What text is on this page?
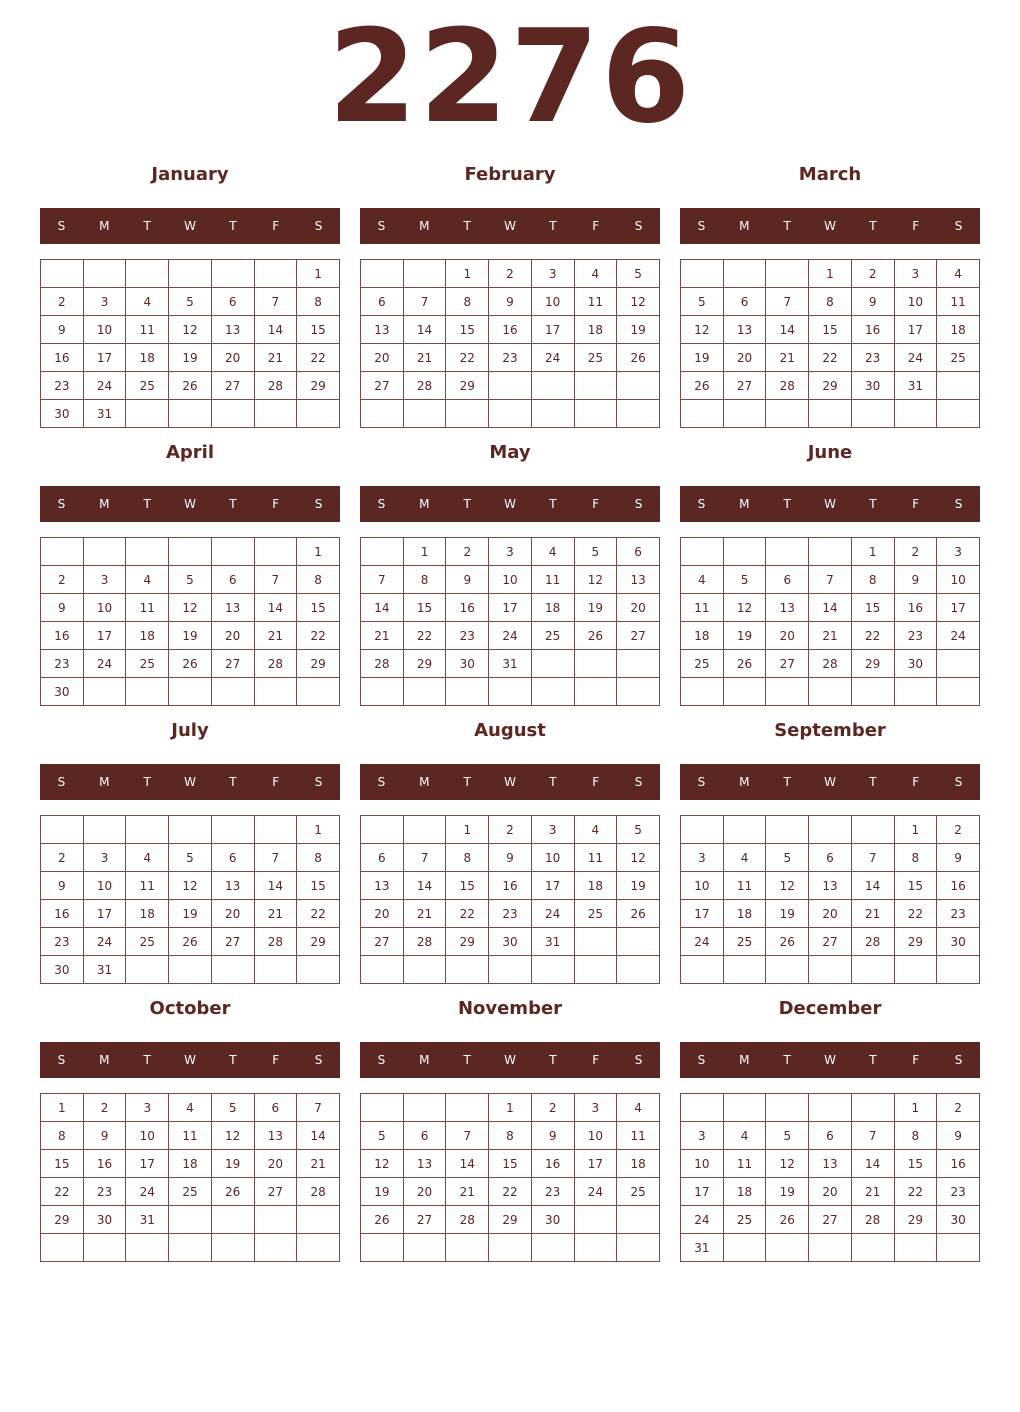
2276
January
S	M	T	W	T	F	S
						1
2	3	4	5	6	7	8
9	10	11	12	13	14	15
16	17	18	19	20	21	22
23	24	25	26	27	28	29
30	31					
February
S	M	T	W	T	F	S
		1	2	3	4	5
6	7	8	9	10	11	12
13	14	15	16	17	18	19
20	21	22	23	24	25	26
27	28	29				

March
S	M	T	W	T	F	S
			1	2	3	4
5	6	7	8	9	10	11
12	13	14	15	16	17	18
19	20	21	22	23	24	25
26	27	28	29	30	31	

April
S	M	T	W	T	F	S
						1
2	3	4	5	6	7	8
9	10	11	12	13	14	15
16	17	18	19	20	21	22
23	24	25	26	27	28	29
30						
May
S	M	T	W	T	F	S
	1	2	3	4	5	6
7	8	9	10	11	12	13
14	15	16	17	18	19	20
21	22	23	24	25	26	27
28	29	30	31			

June
S	M	T	W	T	F	S
				1	2	3
4	5	6	7	8	9	10
11	12	13	14	15	16	17
18	19	20	21	22	23	24
25	26	27	28	29	30	

July
S	M	T	W	T	F	S
						1
2	3	4	5	6	7	8
9	10	11	12	13	14	15
16	17	18	19	20	21	22
23	24	25	26	27	28	29
30	31					
August
S	M	T	W	T	F	S
		1	2	3	4	5
6	7	8	9	10	11	12
13	14	15	16	17	18	19
20	21	22	23	24	25	26
27	28	29	30	31		

September
S	M	T	W	T	F	S
					1	2
3	4	5	6	7	8	9
10	11	12	13	14	15	16
17	18	19	20	21	22	23
24	25	26	27	28	29	30

October
S	M	T	W	T	F	S
1	2	3	4	5	6	7
8	9	10	11	12	13	14
15	16	17	18	19	20	21
22	23	24	25	26	27	28
29	30	31				

November
S	M	T	W	T	F	S
			1	2	3	4
5	6	7	8	9	10	11
12	13	14	15	16	17	18
19	20	21	22	23	24	25
26	27	28	29	30		

December
S	M	T	W	T	F	S
					1	2
3	4	5	6	7	8	9
10	11	12	13	14	15	16
17	18	19	20	21	22	23
24	25	26	27	28	29	30
31						
